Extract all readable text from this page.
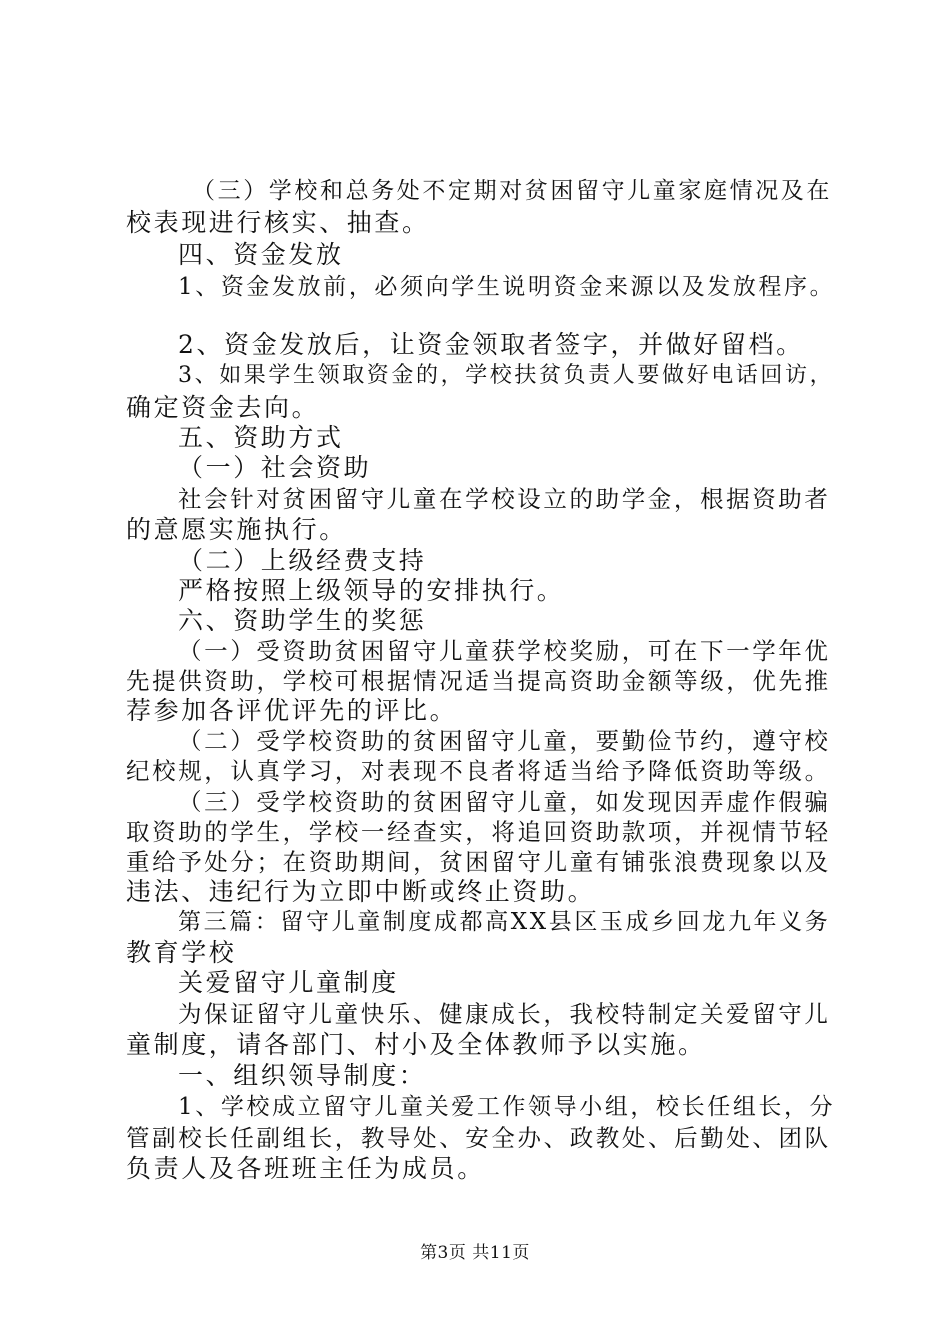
（三）学校和总务处不定期对贫困留守儿童家庭情况及在
校表现进行核实、抽查。
四、资金发放
1、资金发放前，必须向学生说明资金来源以及发放程序。
2、资金发放后，让资金领取者签字，并做好留档。
3、如果学生领取资金的，学校扶贫负责人要做好电话回访，
确定资金去向。
五、资助方式
（一）社会资助
社会针对贫困留守儿童在学校设立的助学金，根据资助者
的意愿实施执行。
（二）上级经费支持
严格按照上级领导的安排执行。
六、资助学生的奖惩
（一）受资助贫困留守儿童获学校奖励，可在下一学年优
先提供资助，学校可根据情况适当提高资助金额等级，优先推
荐参加各评优评先的评比。
（二）受学校资助的贫困留守儿童，要勤俭节约，遵守校
纪校规，认真学习，对表现不良者将适当给予降低资助等级。
（三）受学校资助的贫困留守儿童，如发现因弄虚作假骗
取资助的学生，学校一经查实，将追回资助款项，并视情节轻
重给予处分；在资助期间，贫困留守儿童有铺张浪费现象以及
违法、违纪行为立即中断或终止资助。
第三篇：留守儿童制度成都高XX县区玉成乡回龙九年义务
教育学校
关爱留守儿童制度
为保证留守儿童快乐、健康成长，我校特制定关爱留守儿
童制度，请各部门、村小及全体教师予以实施。
一、组织领导制度：
1、学校成立留守儿童关爱工作领导小组，校长任组长，分
管副校长任副组长，教导处、安全办、政教处、后勤处、团队
负责人及各班班主任为成员。
第3页 共11页
